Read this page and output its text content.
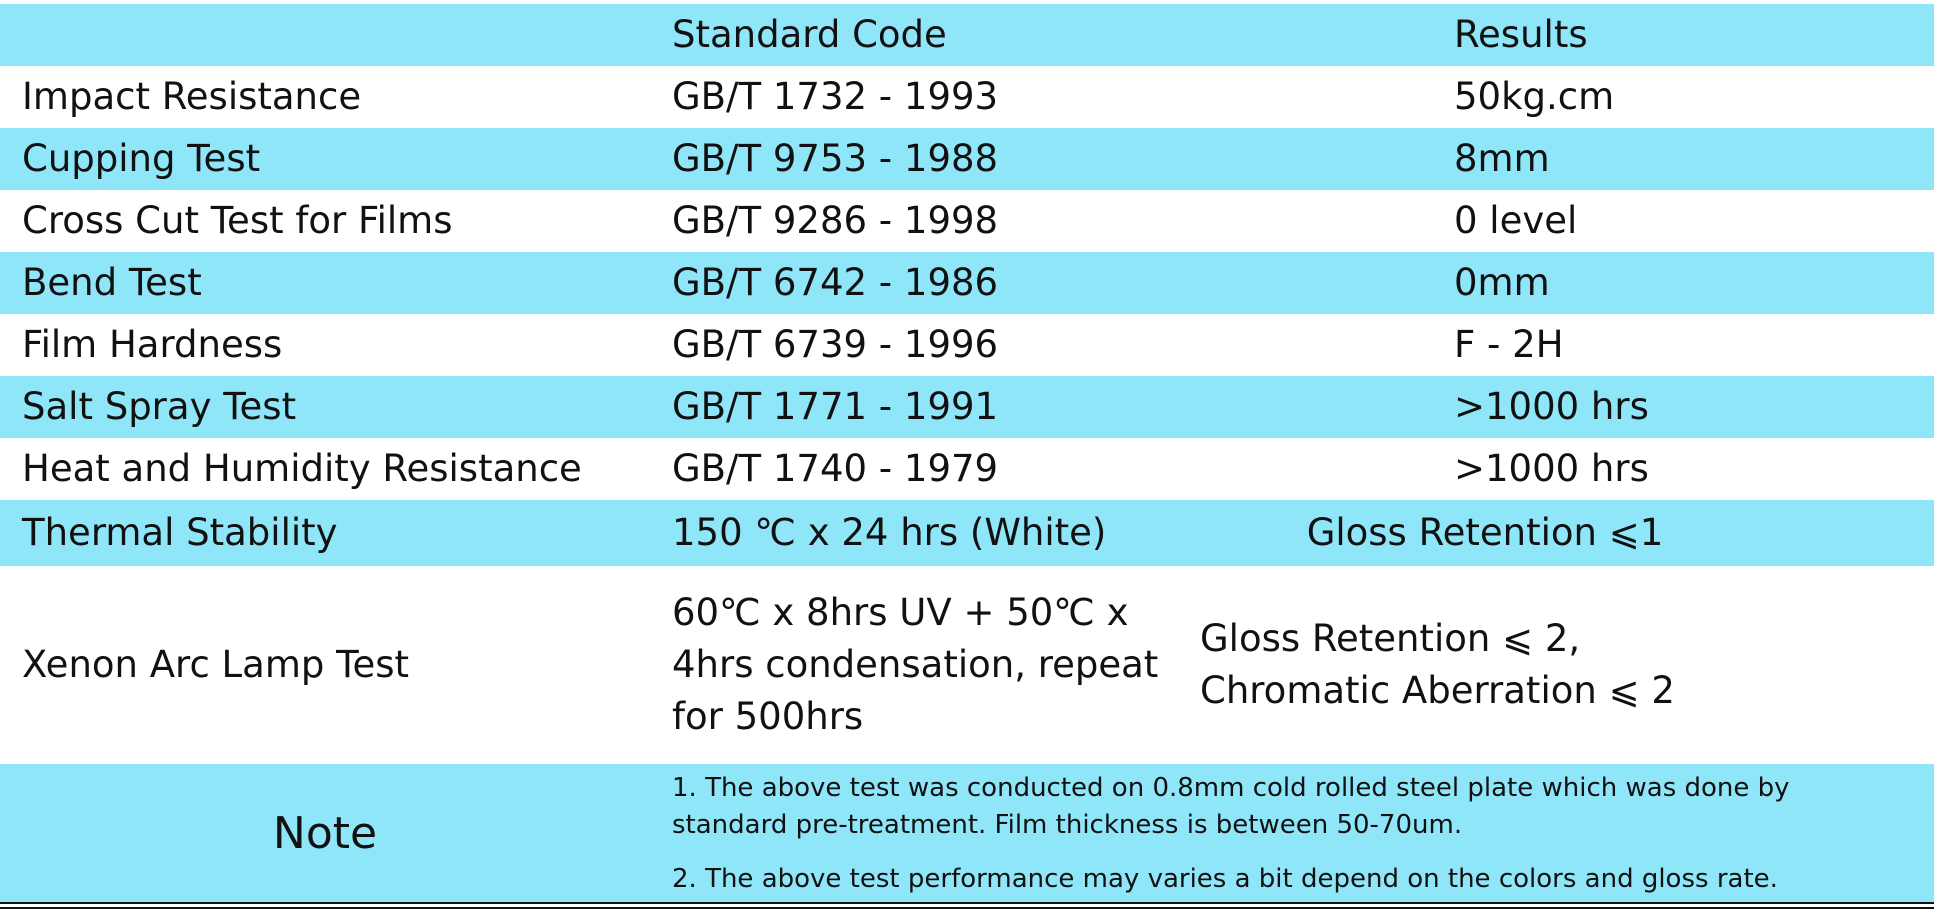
	Standard Code	Results
Impact Resistance	GB/T 1732 - 1993	50kg.cm
Cupping Test	GB/T 9753 - 1988	8mm
Cross Cut Test for Films	GB/T 9286 - 1998	0 level
Bend Test	GB/T 6742 - 1986	0mm
Film Hardness	GB/T 6739 - 1996	F - 2H
Salt Spray Test	GB/T 1771 - 1991	>1000 hrs
Heat and Humidity Resistance	GB/T 1740 - 1979	>1000 hrs
Thermal Stability	150 ℃ x 24 hrs (White)	Gloss Retention ⩽1
Xenon Arc Lamp Test	60℃ x 8hrs UV + 50℃ x 4hrs condensation, repeat for 500hrs	Gloss Retention ⩽ 2,
Chromatic Aberration ⩽ 2

Note	1. The above test was conducted on 0.8mm cold rolled steel plate which was done by standard pre-treatment. Film thickness is between 50-70um.

2. The above test performance may varies a bit depend on the colors and gloss rate.	
